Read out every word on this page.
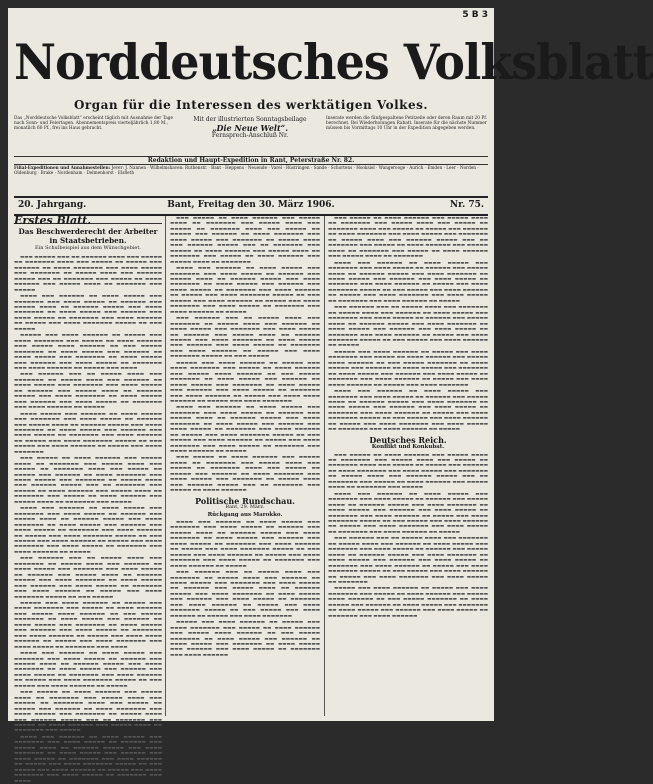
5 B 3
Norddeutsches Volksblatt
Organ für die Interessen des werktätigen Volkes.
Das „Norddeutsche Volksblatt“ erscheint täglich mit Ausnahme der Tage nach Sonn- und Feiertagen. Abonnementspreis vierteljährlich 1,80 M., monatlich 60 Pf., frei ins Haus gebracht.
Mit der illustrierten Sonntagsbeilage
„Die Neue Welt“.
Fernsprech-Anschluß Nr.
Inserate werden die fünfgespaltene Petitzeile oder deren Raum mit 20 Pf. berechnet. Bei Wiederholungen Rabatt. Inserate für die nächste Nummer müssen bis Vormittags 10 Uhr in der Expedition abgegeben werden.
Redaktion und Haupt-Expedition in Rant, Peterstraße Nr. 82.
Filial-Expeditionen und Annahmestellen: Jever: J. Nannen · Wilhelmshaven: Ruthenstr. · Bant · Heppens · Neuende · Varel · Rüstringen · Sande · Schortens · Hooksiel · Wangerooge · Aurich · Emden · Leer · Norden · Oldenburg · Brake · Nordenham · Delmenhorst · Elsfleth
20. Jahrgang.	Bant, Freitag den 30. März 1906.	Nr. 75.
Erstes Blatt.
Das Beschwerderecht der Arbeiter in Staatsbetrieben.
Ein Schulbeispiel aus dem Wünschgebiet.

▬▬▬ ▬▬▬▬▬ ▬▬▬ ▬▬ ▬▬▬▬▬▬ ▬▬▬▬ ▬▬▬ ▬▬▬▬▬ ▬▬ ▬▬▬▬▬▬▬ ▬▬▬▬ ▬▬▬ ▬▬▬▬▬ ▬▬ ▬▬▬▬▬ ▬▬▬ ▬▬▬▬▬▬ ▬▬ ▬▬▬▬ ▬▬▬▬▬▬▬ ▬▬▬ ▬▬▬▬ ▬▬▬▬▬ ▬▬▬ ▬▬▬▬▬▬▬ ▬▬ ▬▬▬▬▬ ▬▬▬▬ ▬▬▬ ▬▬▬▬▬▬ ▬▬▬▬▬ ▬▬▬ ▬▬ ▬▬▬▬▬▬▬ ▬▬▬ ▬▬▬▬▬ ▬▬ ▬▬▬▬ ▬▬▬▬▬▬ ▬▬▬ ▬▬▬▬▬ ▬▬▬▬ ▬▬ ▬▬▬▬▬▬▬ ▬▬▬ ▬▬▬▬▬

▬▬▬▬ ▬▬▬ ▬▬▬▬▬▬ ▬▬ ▬▬▬▬ ▬▬▬▬▬ ▬▬▬ ▬▬▬▬▬▬▬ ▬▬▬ ▬▬▬▬ ▬▬▬▬▬ ▬▬ ▬▬▬▬▬▬ ▬▬▬ ▬▬▬▬▬ ▬▬▬▬ ▬▬ ▬▬▬▬▬▬ ▬▬▬▬▬ ▬▬▬ ▬▬▬▬ ▬▬▬▬▬▬▬ ▬▬ ▬▬▬▬ ▬▬▬▬▬ ▬▬▬ ▬▬▬▬▬▬ ▬▬▬ ▬▬▬▬ ▬▬▬▬▬ ▬▬ ▬▬▬▬▬▬▬ ▬▬▬ ▬▬▬▬ ▬▬▬▬▬▬ ▬▬ ▬▬▬▬▬ ▬▬▬ ▬▬▬▬ ▬▬▬▬▬▬▬ ▬▬▬▬▬ ▬▬ ▬▬▬ ▬▬▬▬▬

▬▬▬▬▬ ▬▬▬ ▬▬▬▬ ▬▬▬▬▬▬ ▬▬ ▬▬▬▬▬ ▬▬▬ ▬▬▬▬ ▬▬▬▬▬▬▬ ▬▬▬ ▬▬▬▬▬ ▬▬ ▬▬▬▬ ▬▬▬▬▬▬ ▬▬▬ ▬▬▬▬▬ ▬▬▬▬ ▬▬▬▬▬▬ ▬▬ ▬▬▬ ▬▬▬▬▬ ▬▬▬▬▬▬▬ ▬▬ ▬▬▬▬ ▬▬▬▬▬ ▬▬▬ ▬▬▬▬▬▬ ▬▬ ▬▬▬▬ ▬▬▬▬▬ ▬▬▬ ▬▬▬▬▬▬▬ ▬▬ ▬▬▬▬ ▬▬▬▬▬ ▬▬▬ ▬▬▬▬▬▬ ▬▬▬ ▬▬▬▬ ▬▬▬▬▬ ▬▬ ▬▬▬▬▬▬▬ ▬▬▬ ▬▬▬▬ ▬▬▬▬▬▬ ▬▬ ▬▬▬▬▬ ▬▬▬ ▬▬▬▬

▬▬▬ ▬▬▬▬▬▬ ▬▬▬ ▬▬ ▬▬▬▬▬ ▬▬▬▬ ▬▬▬ ▬▬▬▬▬▬▬ ▬▬ ▬▬▬▬▬ ▬▬▬▬ ▬▬▬ ▬▬▬▬▬▬ ▬▬ ▬▬▬▬ ▬▬▬▬▬ ▬▬▬ ▬▬▬▬▬▬▬ ▬▬▬ ▬▬▬▬ ▬▬▬▬▬ ▬▬ ▬▬▬▬▬▬ ▬▬▬ ▬▬▬▬▬ ▬▬▬▬ ▬▬ ▬▬▬▬▬▬ ▬▬▬▬▬ ▬▬▬ ▬▬▬▬ ▬▬▬▬▬▬▬ ▬▬ ▬▬▬▬ ▬▬▬▬▬ ▬▬▬ ▬▬▬▬▬▬ ▬▬▬ ▬▬▬▬ ▬▬▬▬▬ ▬▬ ▬▬▬▬▬▬▬ ▬▬▬ ▬▬▬▬ ▬▬▬▬▬▬ ▬▬ ▬▬▬▬▬

▬▬▬▬ ▬▬▬▬▬ ▬▬▬ ▬▬▬▬▬▬ ▬▬ ▬▬▬▬ ▬▬▬▬▬ ▬▬▬ ▬▬▬▬▬▬▬ ▬▬▬ ▬▬▬▬ ▬▬▬▬▬ ▬▬ ▬▬▬▬▬▬ ▬▬▬ ▬▬▬▬▬ ▬▬▬▬ ▬▬ ▬▬▬▬▬▬ ▬▬▬▬▬ ▬▬▬ ▬▬▬▬ ▬▬▬▬▬▬▬ ▬▬ ▬▬▬▬ ▬▬▬▬▬ ▬▬▬ ▬▬▬▬▬▬ ▬▬▬ ▬▬▬▬ ▬▬▬▬▬ ▬▬ ▬▬▬▬▬▬▬ ▬▬▬ ▬▬▬▬ ▬▬▬▬▬▬ ▬▬ ▬▬▬▬▬ ▬▬▬ ▬▬▬▬ ▬▬▬▬▬▬▬ ▬▬▬▬▬ ▬▬ ▬▬▬ ▬▬▬▬▬ ▬▬▬ ▬▬▬▬ ▬▬▬▬▬▬ ▬▬ ▬▬▬▬▬ ▬▬▬ ▬▬▬▬ ▬▬▬▬▬▬▬

▬▬▬ ▬▬▬▬▬ ▬▬ ▬▬▬▬ ▬▬▬▬▬▬ ▬▬▬ ▬▬▬▬▬ ▬▬▬▬ ▬▬ ▬▬▬▬▬▬▬ ▬▬▬ ▬▬▬▬▬ ▬▬▬▬ ▬▬▬ ▬▬▬▬▬ ▬▬ ▬▬▬▬▬▬▬ ▬▬▬▬ ▬▬▬ ▬▬▬▬▬ ▬▬ ▬▬▬▬▬ ▬▬▬ ▬▬▬▬▬▬ ▬▬ ▬▬▬▬ ▬▬▬▬▬▬▬ ▬▬▬ ▬▬▬▬ ▬▬▬▬▬ ▬▬▬ ▬▬▬▬▬▬▬ ▬▬ ▬▬▬▬▬ ▬▬▬▬ ▬▬▬ ▬▬▬▬▬▬ ▬▬▬▬▬ ▬▬▬ ▬▬ ▬▬▬▬▬▬▬ ▬▬▬ ▬▬▬▬▬ ▬▬ ▬▬▬▬ ▬▬▬▬▬▬ ▬▬▬ ▬▬▬▬▬ ▬▬▬▬ ▬▬ ▬▬▬▬▬▬▬ ▬▬▬ ▬▬▬▬▬ ▬▬ ▬▬▬▬ ▬▬▬▬▬▬ ▬▬▬ ▬▬▬▬▬ ▬▬▬▬ ▬▬ ▬▬▬▬▬▬▬ ▬▬▬ ▬▬▬▬▬

▬▬▬▬ ▬▬▬ ▬▬▬▬▬▬ ▬▬ ▬▬▬▬ ▬▬▬▬▬ ▬▬▬ ▬▬▬▬▬▬▬ ▬▬▬ ▬▬▬▬ ▬▬▬▬▬ ▬▬ ▬▬▬▬▬▬ ▬▬▬ ▬▬▬▬▬ ▬▬▬▬ ▬▬ ▬▬▬▬▬▬ ▬▬▬▬▬ ▬▬▬ ▬▬▬▬ ▬▬▬▬▬▬▬ ▬▬ ▬▬▬▬ ▬▬▬▬▬ ▬▬▬ ▬▬▬▬▬▬ ▬▬▬ ▬▬▬▬ ▬▬▬▬▬ ▬▬ ▬▬▬▬▬▬▬ ▬▬▬ ▬▬▬▬ ▬▬▬▬▬▬ ▬▬ ▬▬▬▬▬ ▬▬▬ ▬▬▬▬ ▬▬▬▬▬▬▬ ▬▬▬▬▬ ▬▬ ▬▬▬ ▬▬▬▬▬ ▬▬▬ ▬▬▬▬ ▬▬▬▬▬▬ ▬▬ ▬▬▬▬▬ ▬▬▬ ▬▬▬▬ ▬▬▬▬▬▬▬ ▬▬▬ ▬▬▬▬ ▬▬▬▬▬ ▬▬ ▬▬▬▬▬▬▬ ▬▬▬ ▬▬▬▬ ▬▬▬▬▬▬ ▬▬ ▬▬▬▬▬

▬▬▬ ▬▬▬▬▬▬ ▬▬▬ ▬▬ ▬▬▬▬▬ ▬▬▬▬ ▬▬▬ ▬▬▬▬▬▬▬ ▬▬ ▬▬▬▬▬ ▬▬▬▬ ▬▬▬ ▬▬▬▬▬▬ ▬▬ ▬▬▬▬ ▬▬▬▬▬ ▬▬▬ ▬▬▬▬▬▬▬ ▬▬▬ ▬▬▬▬ ▬▬▬▬▬ ▬▬ ▬▬▬▬▬▬ ▬▬▬ ▬▬▬▬▬ ▬▬▬▬ ▬▬ ▬▬▬▬▬▬ ▬▬▬▬▬ ▬▬▬ ▬▬▬▬ ▬▬▬▬▬▬▬ ▬▬ ▬▬▬▬ ▬▬▬▬▬ ▬▬▬ ▬▬▬▬▬▬ ▬▬▬ ▬▬▬▬ ▬▬▬▬▬ ▬▬ ▬▬▬▬▬▬▬ ▬▬▬ ▬▬▬▬ ▬▬▬▬▬▬ ▬▬ ▬▬▬▬▬ ▬▬▬ ▬▬▬▬ ▬▬▬▬▬▬▬ ▬▬▬▬▬ ▬▬ ▬▬▬ ▬▬▬▬▬

▬▬▬▬▬ ▬▬▬ ▬▬▬▬ ▬▬▬▬▬▬ ▬▬ ▬▬▬▬▬ ▬▬▬ ▬▬▬▬ ▬▬▬▬▬▬▬ ▬▬▬ ▬▬▬▬▬ ▬▬ ▬▬▬▬ ▬▬▬▬▬▬ ▬▬▬ ▬▬▬▬▬ ▬▬▬▬ ▬▬▬▬▬▬ ▬▬ ▬▬▬ ▬▬▬▬▬ ▬▬▬▬▬▬▬ ▬▬ ▬▬▬▬ ▬▬▬▬▬ ▬▬▬ ▬▬▬▬▬▬ ▬▬ ▬▬▬▬ ▬▬▬▬▬ ▬▬▬ ▬▬▬▬▬▬▬ ▬▬ ▬▬▬▬ ▬▬▬▬▬ ▬▬▬ ▬▬▬▬▬▬ ▬▬▬ ▬▬▬▬ ▬▬▬▬▬ ▬▬ ▬▬▬▬▬▬▬ ▬▬▬ ▬▬▬▬ ▬▬▬▬▬▬ ▬▬ ▬▬▬▬▬ ▬▬▬ ▬▬▬▬ ▬▬▬▬ ▬▬▬▬▬▬ ▬▬ ▬▬▬▬▬ ▬▬▬ ▬▬▬▬ ▬▬▬▬▬▬▬ ▬▬▬ ▬▬▬▬ ▬▬▬▬▬ ▬▬ ▬▬▬▬▬▬▬ ▬▬▬ ▬▬▬▬

▬▬▬▬ ▬▬▬ ▬▬▬▬▬▬ ▬▬ ▬▬▬▬ ▬▬▬▬▬ ▬▬▬ ▬▬▬▬▬▬▬ ▬▬▬ ▬▬▬▬ ▬▬▬▬▬ ▬▬ ▬▬▬▬▬▬ ▬▬▬ ▬▬▬▬▬ ▬▬▬▬ ▬▬ ▬▬▬▬▬▬ ▬▬▬▬▬ ▬▬▬ ▬▬▬▬ ▬▬▬▬▬▬▬ ▬▬ ▬▬▬▬ ▬▬▬▬▬ ▬▬▬ ▬▬▬▬▬▬ ▬▬▬ ▬▬▬▬ ▬▬▬▬▬ ▬▬ ▬▬▬▬▬▬▬ ▬▬▬ ▬▬▬▬ ▬▬▬▬▬▬ ▬▬ ▬▬▬▬▬ ▬▬▬ ▬▬▬▬ ▬▬▬▬▬▬▬ ▬▬▬▬▬ ▬▬ ▬▬▬ ▬▬▬▬▬ ▬▬▬ ▬▬▬▬ ▬▬▬▬▬▬ ▬▬ ▬▬▬▬▬

▬▬▬ ▬▬▬▬▬ ▬▬ ▬▬▬▬ ▬▬▬▬▬▬ ▬▬▬ ▬▬▬▬▬ ▬▬▬▬ ▬▬ ▬▬▬▬▬▬▬ ▬▬▬ ▬▬▬▬▬ ▬▬▬▬ ▬▬▬ ▬▬▬▬▬ ▬▬ ▬▬▬▬▬▬▬ ▬▬▬▬ ▬▬▬ ▬▬▬▬▬ ▬▬ ▬▬▬▬▬ ▬▬▬ ▬▬▬▬▬▬ ▬▬ ▬▬▬▬ ▬▬▬▬▬▬▬ ▬▬▬ ▬▬▬▬ ▬▬▬▬▬ ▬▬▬ ▬▬▬▬▬▬▬ ▬▬ ▬▬▬▬▬ ▬▬▬▬ ▬▬▬ ▬▬▬▬▬▬ ▬▬▬▬▬ ▬▬▬ ▬▬ ▬▬▬▬▬▬▬ ▬▬▬ ▬▬▬▬▬ ▬▬ ▬▬▬▬ ▬▬▬▬▬▬ ▬▬▬ ▬▬▬▬▬ ▬▬▬▬ ▬▬ ▬▬▬▬▬▬▬ ▬▬▬ ▬▬▬▬▬

▬▬▬▬ ▬▬▬ ▬▬▬▬▬▬ ▬▬ ▬▬▬▬ ▬▬▬▬▬ ▬▬▬ ▬▬▬▬▬▬▬ ▬▬▬ ▬▬▬▬ ▬▬▬▬▬ ▬▬ ▬▬▬▬▬▬ ▬▬▬ ▬▬▬▬▬ ▬▬▬▬ ▬▬ ▬▬▬▬▬▬ ▬▬▬▬▬ ▬▬▬ ▬▬▬▬ ▬▬▬▬▬▬▬ ▬▬ ▬▬▬▬ ▬▬▬▬▬ ▬▬▬ ▬▬▬▬▬▬ ▬▬▬ ▬▬▬▬ ▬▬▬▬▬ ▬▬ ▬▬▬▬▬▬▬ ▬▬▬ ▬▬▬▬ ▬▬▬▬▬▬ ▬▬ ▬▬▬▬▬ ▬▬▬ ▬▬▬▬ ▬▬▬▬▬▬▬ ▬▬▬▬▬ ▬▬ ▬▬▬ ▬▬▬▬▬ ▬▬▬ ▬▬▬▬ ▬▬▬▬▬▬ ▬▬ ▬▬▬▬▬ ▬▬▬ ▬▬▬▬ ▬▬▬▬▬▬▬ ▬▬▬ ▬▬▬▬ ▬▬▬▬▬ ▬▬ ▬▬▬▬▬▬▬ ▬▬▬ ▬▬▬▬

▬▬▬ ▬▬▬▬▬ ▬▬ ▬▬▬▬ ▬▬▬▬▬▬ ▬▬▬ ▬▬▬▬▬ ▬▬▬▬ ▬▬ ▬▬▬▬▬▬▬ ▬▬▬ ▬▬▬▬▬ ▬▬▬▬ ▬▬▬ ▬▬▬▬▬ ▬▬ ▬▬▬▬▬▬▬ ▬▬▬▬ ▬▬▬ ▬▬▬▬▬ ▬▬ ▬▬▬▬▬ ▬▬▬ ▬▬▬▬▬▬ ▬▬ ▬▬▬▬ ▬▬▬▬▬▬▬ ▬▬▬ ▬▬▬▬ ▬▬▬▬▬ ▬▬▬ ▬▬▬▬▬▬▬ ▬▬ ▬▬▬▬▬ ▬▬▬▬ ▬▬▬ ▬▬▬▬▬▬ ▬▬▬▬▬ ▬▬▬ ▬▬ ▬▬▬▬▬▬▬ ▬▬▬ ▬▬▬▬▬ ▬▬ ▬▬▬▬ ▬▬▬▬▬▬ ▬▬▬ ▬▬▬▬▬ ▬▬▬▬ ▬▬ ▬▬▬▬▬▬▬ ▬▬▬ ▬▬▬▬▬ ▬▬ ▬▬▬▬ ▬▬▬▬▬▬ ▬▬▬ ▬▬▬▬▬ ▬▬▬▬ ▬▬ ▬▬▬▬▬▬▬

▬▬▬▬ ▬▬▬ ▬▬▬▬▬▬ ▬▬ ▬▬▬▬ ▬▬▬▬▬ ▬▬▬ ▬▬▬▬▬▬▬ ▬▬▬ ▬▬▬▬ ▬▬▬▬▬ ▬▬ ▬▬▬▬▬▬ ▬▬▬ ▬▬▬▬▬ ▬▬▬▬ ▬▬ ▬▬▬▬▬▬ ▬▬▬▬▬ ▬▬▬ ▬▬▬▬ ▬▬▬▬▬▬▬ ▬▬ ▬▬▬▬ ▬▬▬▬▬ ▬▬▬ ▬▬▬▬▬▬ ▬▬▬ ▬▬▬▬ ▬▬▬▬▬ ▬▬ ▬▬▬▬▬▬▬ ▬▬▬ ▬▬▬▬ ▬▬▬▬▬▬ ▬▬ ▬▬▬▬▬ ▬▬▬ ▬▬▬▬ ▬▬▬▬▬▬▬ ▬▬▬▬▬ ▬▬ ▬▬▬ ▬▬▬▬▬ ▬▬▬ ▬▬▬▬ ▬▬▬▬▬▬ ▬▬ ▬▬▬▬▬ ▬▬▬ ▬▬▬▬ ▬▬▬▬▬▬▬ ▬▬▬ ▬▬▬▬ ▬▬▬▬▬ ▬▬ ▬▬▬▬▬▬▬ ▬▬▬ ▬▬▬▬ ▬▬▬▬▬▬ ▬▬ ▬▬▬▬▬

▬▬▬ ▬▬▬▬▬▬ ▬▬▬ ▬▬ ▬▬▬▬▬ ▬▬▬▬ ▬▬▬ ▬▬▬▬▬▬▬ ▬▬ ▬▬▬▬▬ ▬▬▬▬ ▬▬▬ ▬▬▬▬▬▬ ▬▬ ▬▬▬▬ ▬▬▬▬▬ ▬▬▬ ▬▬▬▬▬▬▬ ▬▬▬ ▬▬▬▬ ▬▬▬▬▬ ▬▬ ▬▬▬▬▬▬ ▬▬▬ ▬▬▬▬▬ ▬▬▬▬ ▬▬ ▬▬▬▬▬▬ ▬▬▬▬▬ ▬▬▬ ▬▬▬▬ ▬▬▬▬▬▬▬ ▬▬ ▬▬▬▬ ▬▬▬▬▬ ▬▬▬ ▬▬▬▬▬▬ ▬▬▬ ▬▬▬▬ ▬▬▬▬▬ ▬▬ ▬▬▬▬▬▬▬ ▬▬▬ ▬▬▬▬ ▬▬▬▬▬▬ ▬▬ ▬▬▬▬▬ ▬▬▬ ▬▬▬▬ ▬▬▬▬▬▬▬ ▬▬▬▬▬ ▬▬ ▬▬▬ ▬▬▬▬▬

▬▬▬▬▬ ▬▬▬ ▬▬▬▬ ▬▬▬▬▬▬ ▬▬ ▬▬▬▬▬ ▬▬▬ ▬▬▬▬ ▬▬▬▬▬▬▬ ▬▬▬ ▬▬▬▬▬ ▬▬ ▬▬▬▬ ▬▬▬▬▬▬ ▬▬▬ ▬▬▬▬▬ ▬▬▬▬ ▬▬▬▬▬▬ ▬▬ ▬▬▬ ▬▬▬▬▬ ▬▬▬▬▬▬▬ ▬▬ ▬▬▬▬ ▬▬▬▬▬ ▬▬▬ ▬▬▬▬▬▬ ▬▬ ▬▬▬▬ ▬▬▬▬▬ ▬▬▬ ▬▬▬▬▬▬▬ ▬▬ ▬▬▬▬ ▬▬▬▬▬ ▬▬▬ ▬▬▬▬▬▬ ▬▬▬ ▬▬▬▬ ▬▬▬▬▬ ▬▬ ▬▬▬▬▬▬▬ ▬▬▬ ▬▬▬▬ ▬▬▬▬▬▬ ▬▬ ▬▬▬▬▬ ▬▬▬ ▬▬▬▬ ▬▬▬▬ ▬▬▬▬▬▬ ▬▬ ▬▬▬▬▬ ▬▬▬ ▬▬▬▬ ▬▬▬▬▬▬▬

▬▬▬▬ ▬▬▬ ▬▬▬▬▬▬ ▬▬ ▬▬▬▬ ▬▬▬▬▬ ▬▬▬ ▬▬▬▬▬▬▬ ▬▬▬ ▬▬▬▬ ▬▬▬▬▬ ▬▬ ▬▬▬▬▬▬ ▬▬▬ ▬▬▬▬▬ ▬▬▬▬ ▬▬ ▬▬▬▬▬▬ ▬▬▬▬▬ ▬▬▬ ▬▬▬▬ ▬▬▬▬▬▬▬ ▬▬ ▬▬▬▬ ▬▬▬▬▬ ▬▬▬ ▬▬▬▬▬▬ ▬▬▬ ▬▬▬▬ ▬▬▬▬▬ ▬▬ ▬▬▬▬▬▬▬ ▬▬▬ ▬▬▬▬ ▬▬▬▬▬▬ ▬▬ ▬▬▬▬▬ ▬▬▬ ▬▬▬▬ ▬▬▬▬▬▬▬ ▬▬▬▬▬ ▬▬ ▬▬▬ ▬▬▬▬▬ ▬▬▬ ▬▬▬▬ ▬▬▬▬▬▬ ▬▬ ▬▬▬▬▬ ▬▬▬ ▬▬▬▬ ▬▬▬▬▬▬▬ ▬▬▬ ▬▬▬▬ ▬▬▬▬▬ ▬▬ ▬▬▬▬▬▬▬ ▬▬▬ ▬▬▬▬ ▬▬▬▬▬▬ ▬▬ ▬▬▬▬▬

▬▬▬ ▬▬▬▬▬ ▬▬ ▬▬▬▬ ▬▬▬▬▬▬ ▬▬▬ ▬▬▬▬▬ ▬▬▬▬ ▬▬ ▬▬▬▬▬▬▬ ▬▬▬ ▬▬▬▬▬ ▬▬▬▬ ▬▬▬ ▬▬▬▬▬ ▬▬ ▬▬▬▬▬▬▬ ▬▬▬▬ ▬▬▬ ▬▬▬▬▬ ▬▬ ▬▬▬▬▬ ▬▬▬ ▬▬▬▬▬▬ ▬▬ ▬▬▬▬ ▬▬▬▬▬▬▬ ▬▬▬ ▬▬▬▬ ▬▬▬▬▬ ▬▬▬ ▬▬▬▬▬▬▬ ▬▬ ▬▬▬▬▬ ▬▬▬▬ ▬▬▬ ▬▬▬▬▬▬ ▬▬▬▬▬ ▬▬▬ ▬▬ ▬▬▬▬▬▬▬ ▬▬▬ ▬▬▬▬▬ ▬▬ ▬▬▬▬ ▬▬▬▬▬▬

Politische Rundschau.
Bant, 29. März.
Rückgang aus Marokko.

▬▬▬▬ ▬▬▬ ▬▬▬▬▬▬ ▬▬ ▬▬▬▬ ▬▬▬▬▬ ▬▬▬ ▬▬▬▬▬▬▬ ▬▬▬ ▬▬▬▬ ▬▬▬▬▬ ▬▬ ▬▬▬▬▬▬ ▬▬▬ ▬▬▬▬▬ ▬▬▬▬ ▬▬ ▬▬▬▬▬▬ ▬▬▬▬▬ ▬▬▬ ▬▬▬▬ ▬▬▬▬▬▬▬ ▬▬ ▬▬▬▬ ▬▬▬▬▬ ▬▬▬ ▬▬▬▬▬▬ ▬▬▬ ▬▬▬▬ ▬▬▬▬▬ ▬▬ ▬▬▬▬▬▬▬ ▬▬▬ ▬▬▬▬ ▬▬▬▬▬▬ ▬▬ ▬▬▬▬▬ ▬▬▬ ▬▬▬▬ ▬▬▬▬▬▬▬ ▬▬▬▬▬ ▬▬ ▬▬▬ ▬▬▬▬▬ ▬▬▬ ▬▬▬▬ ▬▬▬▬▬▬ ▬▬ ▬▬▬▬▬ ▬▬▬ ▬▬▬▬ ▬▬▬▬▬▬▬ ▬▬▬ ▬▬▬▬ ▬▬▬▬▬ ▬▬ ▬▬▬▬▬▬▬ ▬▬▬ ▬▬▬▬ ▬▬▬▬▬▬ ▬▬ ▬▬▬▬▬

▬▬▬ ▬▬▬▬▬▬ ▬▬▬ ▬▬ ▬▬▬▬▬ ▬▬▬▬ ▬▬▬ ▬▬▬▬▬▬▬ ▬▬ ▬▬▬▬▬ ▬▬▬▬ ▬▬▬ ▬▬▬▬▬▬ ▬▬ ▬▬▬▬ ▬▬▬▬▬ ▬▬▬ ▬▬▬▬▬▬▬ ▬▬▬ ▬▬▬▬ ▬▬▬▬▬ ▬▬ ▬▬▬▬▬▬ ▬▬▬ ▬▬▬▬▬ ▬▬▬▬ ▬▬ ▬▬▬▬▬▬ ▬▬▬▬▬ ▬▬▬ ▬▬▬▬ ▬▬▬▬▬▬▬ ▬▬ ▬▬▬▬ ▬▬▬▬▬ ▬▬▬ ▬▬▬▬▬▬ ▬▬▬ ▬▬▬▬ ▬▬▬▬▬ ▬▬ ▬▬▬▬▬▬▬ ▬▬▬ ▬▬▬▬ ▬▬▬▬▬▬ ▬▬ ▬▬▬▬▬ ▬▬▬ ▬▬▬▬ ▬▬▬▬▬▬▬ ▬▬▬▬▬ ▬▬ ▬▬▬ ▬▬▬▬▬ ▬▬▬ ▬▬▬▬ ▬▬▬▬▬▬ ▬▬ ▬▬▬▬▬ ▬▬▬ ▬▬▬▬ ▬▬▬▬▬▬▬

▬▬▬▬▬ ▬▬▬ ▬▬▬▬ ▬▬▬▬▬▬ ▬▬ ▬▬▬▬▬ ▬▬▬ ▬▬▬▬ ▬▬▬▬▬▬▬ ▬▬▬ ▬▬▬▬▬ ▬▬ ▬▬▬▬ ▬▬▬▬▬▬ ▬▬▬ ▬▬▬▬▬ ▬▬▬▬ ▬▬▬▬▬▬ ▬▬ ▬▬▬ ▬▬▬▬▬ ▬▬▬▬▬▬▬ ▬▬ ▬▬▬▬ ▬▬▬▬▬ ▬▬▬ ▬▬▬▬▬▬ ▬▬ ▬▬▬▬ ▬▬▬▬▬ ▬▬▬ ▬▬▬▬▬▬▬ ▬▬ ▬▬▬▬ ▬▬▬▬▬ ▬▬▬ ▬▬▬▬▬▬ ▬▬▬ ▬▬▬▬ ▬▬▬▬▬ ▬▬ ▬▬▬▬▬▬▬ ▬▬▬ ▬▬▬▬ ▬▬▬▬▬▬

▬▬▬ ▬▬▬▬▬ ▬▬ ▬▬▬▬ ▬▬▬▬▬▬ ▬▬▬ ▬▬▬▬▬ ▬▬▬▬ ▬▬ ▬▬▬▬▬▬▬ ▬▬▬ ▬▬▬▬▬ ▬▬▬▬ ▬▬▬ ▬▬▬▬▬ ▬▬ ▬▬▬▬▬▬▬ ▬▬▬▬ ▬▬▬ ▬▬▬▬▬ ▬▬ ▬▬▬▬▬ ▬▬▬ ▬▬▬▬▬▬ ▬▬ ▬▬▬▬ ▬▬▬▬▬▬▬ ▬▬▬ ▬▬▬▬ ▬▬▬▬▬ ▬▬▬ ▬▬▬▬▬▬▬ ▬▬ ▬▬▬▬▬ ▬▬▬▬ ▬▬▬ ▬▬▬▬▬▬ ▬▬▬▬▬ ▬▬▬ ▬▬ ▬▬▬▬▬▬▬ ▬▬▬ ▬▬▬▬▬ ▬▬ ▬▬▬▬ ▬▬▬▬▬▬ ▬▬▬ ▬▬▬▬▬ ▬▬▬▬ ▬▬ ▬▬▬▬▬▬▬ ▬▬▬ ▬▬▬▬▬ ▬▬ ▬▬▬▬ ▬▬▬▬▬▬ ▬▬▬ ▬▬▬▬▬ ▬▬▬▬ ▬▬ ▬▬▬▬▬▬▬

▬▬▬▬ ▬▬▬ ▬▬▬▬▬▬ ▬▬ ▬▬▬▬ ▬▬▬▬▬ ▬▬▬ ▬▬▬▬▬▬▬ ▬▬▬ ▬▬▬▬ ▬▬▬▬▬ ▬▬ ▬▬▬▬▬▬ ▬▬▬ ▬▬▬▬▬ ▬▬▬▬ ▬▬ ▬▬▬▬▬▬ ▬▬▬▬▬ ▬▬▬ ▬▬▬▬ ▬▬▬▬▬▬▬ ▬▬ ▬▬▬▬ ▬▬▬▬▬ ▬▬▬ ▬▬▬▬▬▬ ▬▬▬ ▬▬▬▬ ▬▬▬▬▬ ▬▬ ▬▬▬▬▬▬▬ ▬▬▬ ▬▬▬▬ ▬▬▬▬▬▬ ▬▬ ▬▬▬▬▬ ▬▬▬ ▬▬▬▬ ▬▬▬▬▬▬▬ ▬▬▬▬▬ ▬▬ ▬▬▬ ▬▬▬▬▬ ▬▬▬ ▬▬▬▬ ▬▬▬▬▬▬ ▬▬ ▬▬▬▬▬ ▬▬▬ ▬▬▬▬ ▬▬▬▬▬▬▬ ▬▬▬ ▬▬▬▬ ▬▬▬▬▬ ▬▬ ▬▬▬▬▬▬▬ ▬▬▬ ▬▬▬▬ ▬▬▬▬▬▬ ▬▬ ▬▬▬▬▬

▬▬▬ ▬▬▬▬▬▬ ▬▬▬ ▬▬ ▬▬▬▬▬ ▬▬▬▬ ▬▬▬ ▬▬▬▬▬▬▬ ▬▬ ▬▬▬▬▬ ▬▬▬▬ ▬▬▬ ▬▬▬▬▬▬ ▬▬ ▬▬▬▬ ▬▬▬▬▬ ▬▬▬ ▬▬▬▬▬▬▬ ▬▬▬ ▬▬▬▬ ▬▬▬▬▬ ▬▬ ▬▬▬▬▬▬ ▬▬▬ ▬▬▬▬▬ ▬▬▬▬ ▬▬ ▬▬▬▬▬▬ ▬▬▬▬▬ ▬▬▬ ▬▬▬▬ ▬▬▬▬▬▬▬ ▬▬ ▬▬▬▬ ▬▬▬▬▬ ▬▬▬ ▬▬▬▬▬▬ ▬▬▬ ▬▬▬▬ ▬▬▬▬▬ ▬▬ ▬▬▬▬▬▬▬ ▬▬▬ ▬▬▬▬ ▬▬▬▬▬▬ ▬▬ ▬▬▬▬▬ ▬▬▬ ▬▬▬▬ ▬▬▬▬▬▬▬ ▬▬▬▬▬ ▬▬ ▬▬▬ ▬▬▬▬▬ ▬▬▬ ▬▬▬▬ ▬▬▬▬▬▬ ▬▬ ▬▬▬▬▬

▬▬▬▬▬ ▬▬▬ ▬▬▬▬ ▬▬▬▬▬▬ ▬▬ ▬▬▬▬▬ ▬▬▬ ▬▬▬▬ ▬▬▬▬▬▬▬ ▬▬▬ ▬▬▬▬▬ ▬▬ ▬▬▬▬ ▬▬▬▬▬▬ ▬▬▬ ▬▬▬▬▬ ▬▬▬▬ ▬▬▬▬▬▬ ▬▬ ▬▬▬ ▬▬▬▬▬ ▬▬▬▬▬▬▬ ▬▬ ▬▬▬▬ ▬▬▬▬▬ ▬▬▬ ▬▬▬▬▬▬ ▬▬ ▬▬▬▬ ▬▬▬▬▬ ▬▬▬ ▬▬▬▬▬▬▬ ▬▬ ▬▬▬▬ ▬▬▬▬▬ ▬▬▬ ▬▬▬▬▬▬ ▬▬▬ ▬▬▬▬ ▬▬▬▬▬ ▬▬ ▬▬▬▬▬▬▬ ▬▬▬ ▬▬▬▬ ▬▬▬▬▬▬ ▬▬ ▬▬▬▬▬ ▬▬▬ ▬▬▬▬ ▬▬▬▬ ▬▬▬▬▬▬ ▬▬ ▬▬▬▬▬ ▬▬▬ ▬▬▬▬ ▬▬▬▬▬▬▬

▬▬▬▬ ▬▬▬ ▬▬▬▬▬▬ ▬▬ ▬▬▬▬ ▬▬▬▬▬ ▬▬▬ ▬▬▬▬▬▬▬ ▬▬▬ ▬▬▬▬ ▬▬▬▬▬ ▬▬ ▬▬▬▬▬▬ ▬▬▬ ▬▬▬▬▬ ▬▬▬▬ ▬▬ ▬▬▬▬▬▬ ▬▬▬▬▬ ▬▬▬ ▬▬▬▬ ▬▬▬▬▬▬▬ ▬▬ ▬▬▬▬ ▬▬▬▬▬ ▬▬▬ ▬▬▬▬▬▬ ▬▬▬ ▬▬▬▬ ▬▬▬▬▬ ▬▬ ▬▬▬▬▬▬▬ ▬▬▬ ▬▬▬▬ ▬▬▬▬▬▬ ▬▬ ▬▬▬▬▬ ▬▬▬ ▬▬▬▬ ▬▬▬▬▬▬▬ ▬▬▬▬▬ ▬▬ ▬▬▬ ▬▬▬▬▬ ▬▬▬ ▬▬▬▬ ▬▬▬▬▬▬ ▬▬ ▬▬▬▬▬ ▬▬▬ ▬▬▬▬ ▬▬▬▬▬▬▬ ▬▬▬ ▬▬▬▬ ▬▬▬▬▬ ▬▬ ▬▬▬▬▬▬▬ ▬▬▬ ▬▬▬▬ ▬▬▬▬▬▬ ▬▬ ▬▬▬▬▬

Deutsches Reich.
Konflikt und Konkubat.

▬▬▬ ▬▬▬▬▬ ▬▬ ▬▬▬▬ ▬▬▬▬▬▬ ▬▬▬ ▬▬▬▬▬ ▬▬▬▬ ▬▬ ▬▬▬▬▬▬▬ ▬▬▬ ▬▬▬▬▬ ▬▬▬▬ ▬▬▬ ▬▬▬▬▬ ▬▬ ▬▬▬▬▬▬▬ ▬▬▬▬ ▬▬▬ ▬▬▬▬▬ ▬▬ ▬▬▬▬▬ ▬▬▬ ▬▬▬▬▬▬ ▬▬ ▬▬▬▬ ▬▬▬▬▬▬▬ ▬▬▬ ▬▬▬▬ ▬▬▬▬▬ ▬▬▬ ▬▬▬▬▬▬▬ ▬▬ ▬▬▬▬▬ ▬▬▬▬ ▬▬▬ ▬▬▬▬▬▬ ▬▬▬▬▬ ▬▬▬ ▬▬ ▬▬▬▬▬▬▬ ▬▬▬ ▬▬▬▬▬ ▬▬ ▬▬▬▬ ▬▬▬▬▬▬ ▬▬▬ ▬▬▬▬▬ ▬▬▬▬ ▬▬ ▬▬▬▬▬▬▬ ▬▬▬ ▬▬▬▬▬

▬▬▬▬ ▬▬▬ ▬▬▬▬▬▬ ▬▬ ▬▬▬▬ ▬▬▬▬▬ ▬▬▬ ▬▬▬▬▬▬▬ ▬▬▬ ▬▬▬▬ ▬▬▬▬▬ ▬▬ ▬▬▬▬▬▬ ▬▬▬ ▬▬▬▬▬ ▬▬▬▬ ▬▬ ▬▬▬▬▬▬ ▬▬▬▬▬ ▬▬▬ ▬▬▬▬ ▬▬▬▬▬▬▬ ▬▬ ▬▬▬▬ ▬▬▬▬▬ ▬▬▬ ▬▬▬▬▬▬ ▬▬▬ ▬▬▬▬ ▬▬▬▬▬ ▬▬ ▬▬▬▬▬▬▬ ▬▬▬ ▬▬▬▬ ▬▬▬▬▬▬ ▬▬ ▬▬▬▬▬ ▬▬▬ ▬▬▬▬ ▬▬▬▬▬▬▬ ▬▬▬▬▬ ▬▬ ▬▬▬ ▬▬▬▬▬ ▬▬▬ ▬▬▬▬ ▬▬▬▬▬▬ ▬▬ ▬▬▬▬▬ ▬▬▬ ▬▬▬▬ ▬▬▬▬▬▬▬ ▬▬▬ ▬▬▬▬ ▬▬▬▬▬ ▬▬ ▬▬▬▬▬▬▬ ▬▬▬ ▬▬▬▬ ▬▬▬▬▬▬ ▬▬ ▬▬▬▬▬

▬▬▬ ▬▬▬▬▬▬ ▬▬▬ ▬▬ ▬▬▬▬▬ ▬▬▬▬ ▬▬▬ ▬▬▬▬▬▬▬ ▬▬ ▬▬▬▬▬ ▬▬▬▬ ▬▬▬ ▬▬▬▬▬▬ ▬▬ ▬▬▬▬ ▬▬▬▬▬ ▬▬▬ ▬▬▬▬▬▬▬ ▬▬▬ ▬▬▬▬ ▬▬▬▬▬ ▬▬ ▬▬▬▬▬▬ ▬▬▬ ▬▬▬▬▬ ▬▬▬▬ ▬▬ ▬▬▬▬▬▬ ▬▬▬▬▬ ▬▬▬ ▬▬▬▬ ▬▬▬▬▬▬▬ ▬▬ ▬▬▬▬ ▬▬▬▬▬ ▬▬▬ ▬▬▬▬▬▬ ▬▬▬ ▬▬▬▬ ▬▬▬▬▬ ▬▬ ▬▬▬▬▬▬▬ ▬▬▬ ▬▬▬▬ ▬▬▬▬▬▬ ▬▬ ▬▬▬▬▬ ▬▬▬ ▬▬▬▬ ▬▬▬▬▬▬▬ ▬▬▬▬▬ ▬▬ ▬▬▬ ▬▬▬▬▬ ▬▬▬ ▬▬▬▬ ▬▬▬▬▬▬ ▬▬ ▬▬▬▬▬ ▬▬▬ ▬▬▬▬ ▬▬▬▬▬▬▬ ▬▬▬ ▬▬▬▬ ▬▬▬▬▬ ▬▬ ▬▬▬▬▬▬▬

▬▬▬▬▬ ▬▬▬ ▬▬▬▬ ▬▬▬▬▬▬ ▬▬ ▬▬▬▬▬ ▬▬▬ ▬▬▬▬ ▬▬▬▬▬▬▬ ▬▬▬ ▬▬▬▬▬ ▬▬ ▬▬▬▬ ▬▬▬▬▬▬ ▬▬▬ ▬▬▬▬▬ ▬▬▬▬ ▬▬▬▬▬▬ ▬▬ ▬▬▬ ▬▬▬▬▬ ▬▬▬▬▬▬▬ ▬▬ ▬▬▬▬ ▬▬▬▬▬ ▬▬▬ ▬▬▬▬▬▬ ▬▬ ▬▬▬▬ ▬▬▬▬▬ ▬▬▬ ▬▬▬▬▬▬▬ ▬▬ ▬▬▬▬ ▬▬▬▬▬ ▬▬▬ ▬▬▬▬▬▬ ▬▬▬ ▬▬▬▬ ▬▬▬▬▬ ▬▬ ▬▬▬▬▬▬▬ ▬▬▬ ▬▬▬▬ ▬▬▬▬▬▬
